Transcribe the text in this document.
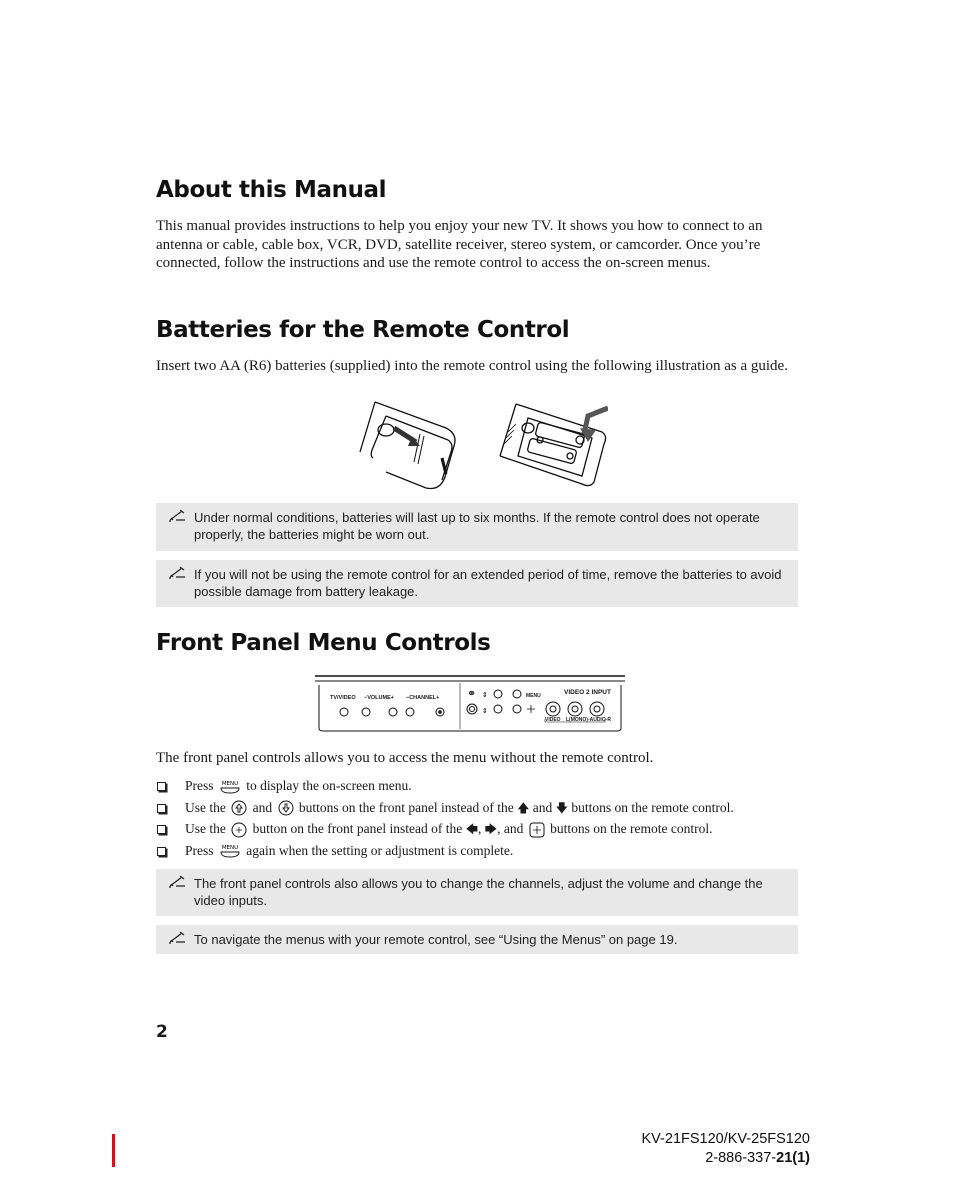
About this Manual

This manual provides instructions to help you enjoy your new TV. It shows you how to connect to an antenna or cable, cable box, VCR, DVD, satellite receiver, stereo system, or camcorder. Once you’re connected, follow the instructions and use the remote control to access the on-screen menus.

Batteries for the Remote Control

Insert two AA (R6) batteries (supplied) into the remote control using the following illustration as a guide.

Under normal conditions, batteries will last up to six months. If the remote control does not operate properly, the batteries might be worn out.
If you will not be using the remote control for an extended period of time, remove the batteries to avoid possible damage from battery leakage.
Front Panel Menu Controls
⚭ ⇕
⇕
TV/VIDEO −VOLUME+ −CHANNEL+	MENU	VIDEO 2 INPUT
VIDEO L(MONO)-AUDIO-R

The front panel controls allows you to access the menu without the remote control.

Press MENU to display the on-screen menu.
Use the and buttons on the front panel instead of the 🡅 and 🡇 buttons on the remote control.
Use the button on the front panel instead of the 🡄, 🡆, and buttons on the remote control.
Press MENU again when the setting or adjustment is complete.
The front panel controls also allows you to change the channels, adjust the volume and change the video inputs.
To navigate the menus with your remote control, see “Using the Menus” on page 19.
2
KV-21FS120/KV-25FS120
2-886-337-21(1)
